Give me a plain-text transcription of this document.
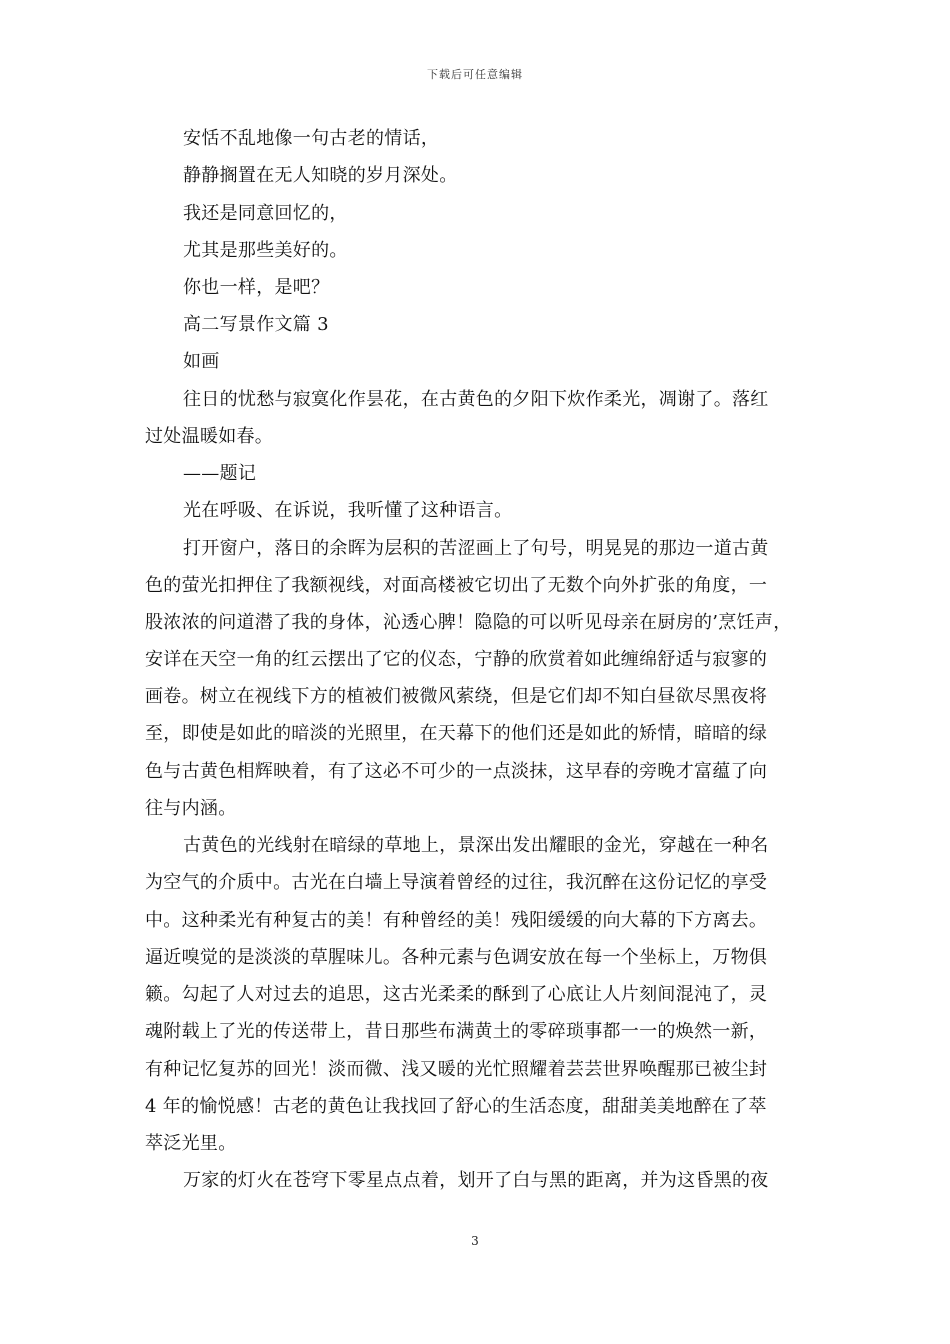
下载后可任意编辑
安恬不乱地像一句古老的情话，
静静搁置在无人知晓的岁月深处。
我还是同意回忆的，
尤其是那些美好的。
你也一样，是吧？
高二写景作文篇 3
如画
往日的忧愁与寂寞化作昙花，在古黄色的夕阳下炊作柔光，凋谢了。落红
过处温暖如春。
——题记
光在呼吸、在诉说，我听懂了这种语言。
打开窗户，落日的余晖为层积的苦涩画上了句号，明晃晃的那边一道古黄
色的萤光扣押住了我额视线，对面高楼被它切出了无数个向外扩张的角度，一
股浓浓的问道潜了我的身体，沁透心脾！隐隐的可以听见母亲在厨房的’烹饪声，
安详在天空一角的红云摆出了它的仪态，宁静的欣赏着如此缠绵舒适与寂寥的
画卷。树立在视线下方的植被们被微风萦绕，但是它们却不知白昼欲尽黑夜将
至，即使是如此的暗淡的光照里，在天幕下的他们还是如此的矫情，暗暗的绿
色与古黄色相辉映着，有了这必不可少的一点淡抹，这早春的旁晚才富蕴了向
往与内涵。
古黄色的光线射在暗绿的草地上，景深出发出耀眼的金光，穿越在一种名
为空气的介质中。古光在白墙上导演着曾经的过往，我沉醉在这份记忆的享受
中。这种柔光有种复古的美！有种曾经的美！残阳缓缓的向大幕的下方离去。
逼近嗅觉的是淡淡的草腥味儿。各种元素与色调安放在每一个坐标上，万物俱
籁。勾起了人对过去的追思，这古光柔柔的酥到了心底让人片刻间混沌了，灵
魂附载上了光的传送带上，昔日那些布满黄土的零碎琐事都一一的焕然一新，
有种记忆复苏的回光！淡而微、浅又暖的光忙照耀着芸芸世界唤醒那已被尘封
4 年的愉悦感！古老的黄色让我找回了舒心的生活态度，甜甜美美地醉在了萃
萃泛光里。
万家的灯火在苍穹下零星点点着，划开了白与黑的距离，并为这昏黑的夜
3
